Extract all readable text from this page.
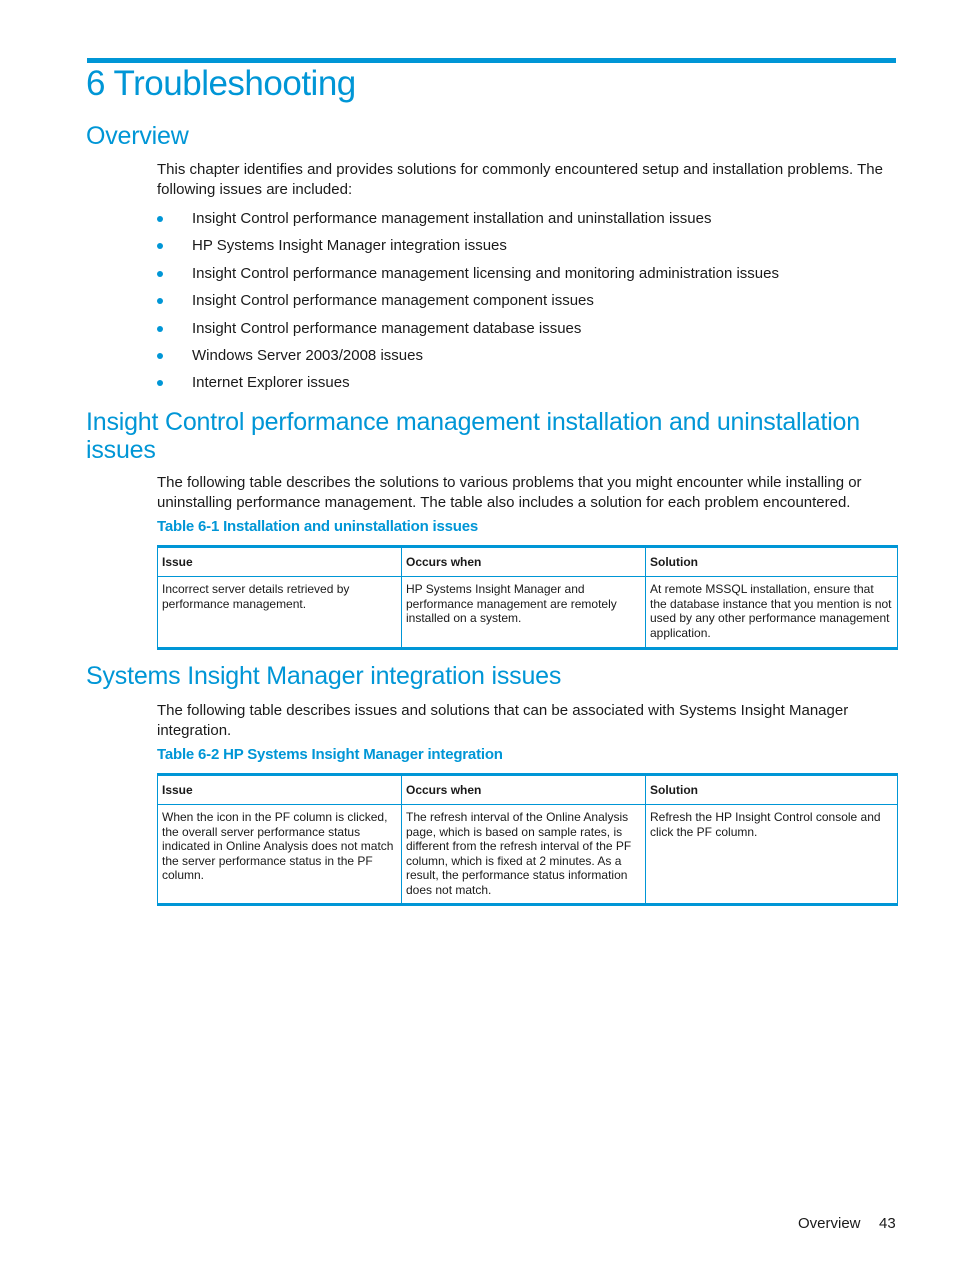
6 Troubleshooting
Overview

This chapter identifies and provides solutions for commonly encountered setup and installation problems. The following issues are included:

Insight Control performance management installation and uninstallation issues
HP Systems Insight Manager integration issues
Insight Control performance management licensing and monitoring administration issues
Insight Control performance management component issues
Insight Control performance management database issues
Windows Server 2003/2008 issues
Internet Explorer issues
Insight Control performance management installation and uninstallation issues

The following table describes the solutions to various problems that you might encounter while installing or uninstalling performance management. The table also includes a solution for each problem encountered.

Table 6-1 Installation and uninstallation issues

Issue	Occurs when	Solution
Incorrect server details retrieved by performance management.	HP Systems Insight Manager and performance management are remotely installed on a system.	At remote MSSQL installation, ensure that the database instance that you mention is not used by any other performance management application.
Systems Insight Manager integration issues

The following table describes issues and solutions that can be associated with Systems Insight Manager integration.

Table 6-2 HP Systems Insight Manager integration

Issue	Occurs when	Solution
When the icon in the PF column is clicked, the overall server performance status indicated in Online Analysis does not match the server performance status in the PF column.	The refresh interval of the Online Analysis page, which is based on sample rates, is different from the refresh interval of the PF column, which is fixed at 2 minutes. As a result, the performance status information does not match.	Refresh the HP Insight Control console and click the PF column.
Overview 43
